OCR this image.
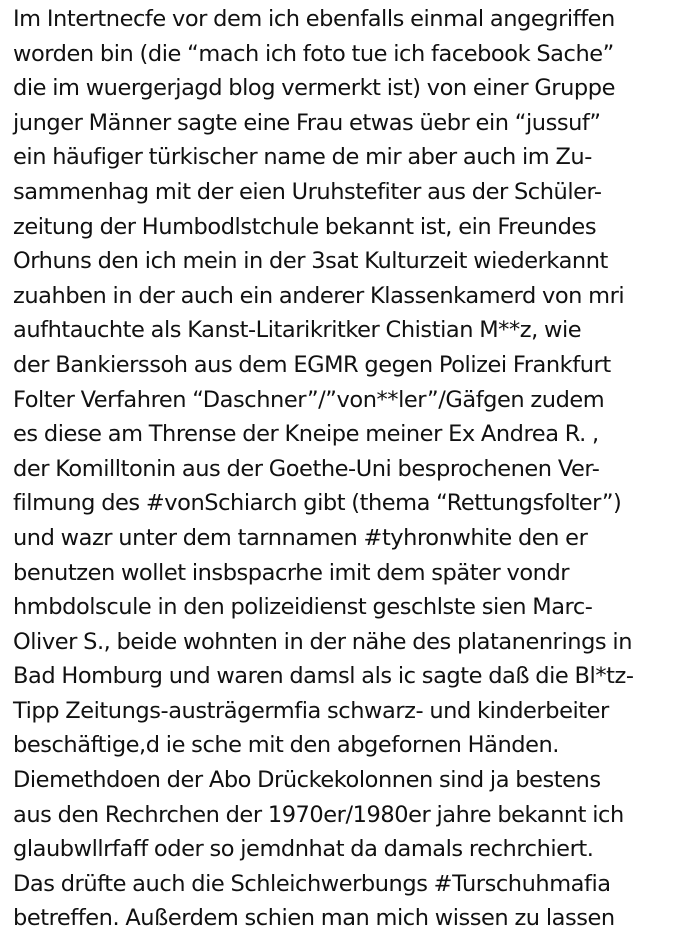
Im Intertnecfe vor dem ich ebenfalls einmal angegriffen
worden bin (die “mach ich foto tue ich facebook Sache”
die im wuergerjagd blog vermerkt ist) von einer Gruppe
junger Männer sagte eine Frau etwas üebr ein “jussuf”
ein häufiger türkischer name de mir aber auch im Zu-
sammenhag mit der eien Uruhstefiter aus der Schüler-
zeitung der Humbodlstchule bekannt ist, ein Freundes
Orhuns den ich mein in der 3sat Kulturzeit wiederkannt
zuahben in der auch ein anderer Klassenkamerd von mri
aufhtauchte als Kanst-Litarikritker Chistian M**z, wie
der Bankierssoh aus dem EGMR gegen Polizei Frankfurt
Folter Verfahren “Daschner”/”von**ler”/Gäfgen zudem
es diese am Thrense der Kneipe meiner Ex Andrea R. ,
der Komilltonin aus der Goethe-Uni besprochenen Ver-
filmung des #vonSchiarch gibt (thema “Rettungsfolter”)
und wazr unter dem tarnnamen #tyhronwhite den er
benutzen wollet insbspacrhe imit dem später vondr
hmbdolscule in den polizeidienst geschlste sien Marc-
Oliver S., beide wohnten in der nähe des platanenrings in
Bad Homburg und waren damsl als ic sagte daß die Bl*tz-
Tipp Zeitungs-austrägermfia schwarz- und kinderbeiter
beschäftige,d ie sche mit den abgefornen Händen.
Diemethdoen der Abo Drückekolonnen sind ja bestens
aus den Rechrchen der 1970er/1980er jahre bekannt ich
glaubwllrfaff oder so jemdnhat da damals rechrchiert.
Das drüfte auch die Schleichwerbungs #Turschuhmafia
betreffen. Außerdem schien man mich wissen zu lassen
